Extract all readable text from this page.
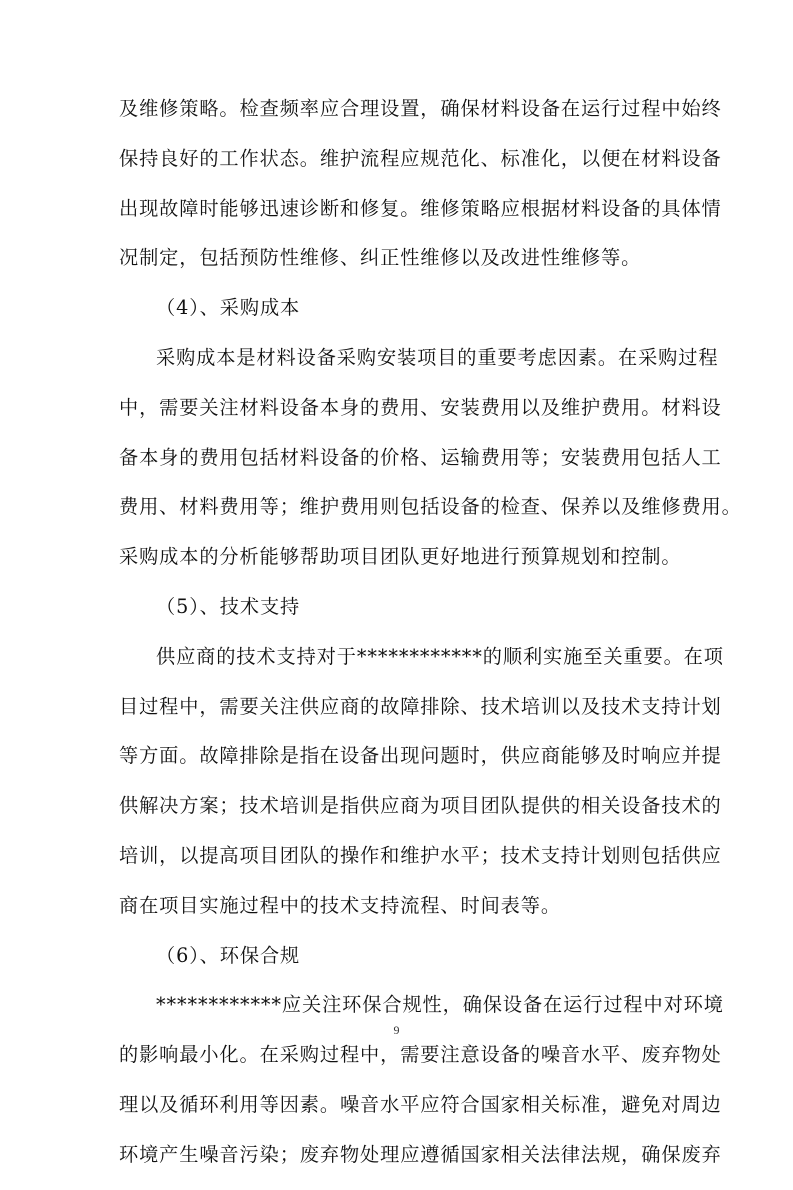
及维修策略。检查频率应合理设置，确保材料设备在运行过程中始终
保持良好的工作状态。维护流程应规范化、标准化，以便在材料设备
出现故障时能够迅速诊断和修复。维修策略应根据材料设备的具体情
况制定，包括预防性维修、纠正性维修以及改进性维修等。
（4）、采购成本
采购成本是材料设备采购安装项目的重要考虑因素。在采购过程
中，需要关注材料设备本身的费用、安装费用以及维护费用。材料设
备本身的费用包括材料设备的价格、运输费用等；安装费用包括人工
费用、材料费用等；维护费用则包括设备的检查、保养以及维修费用。
采购成本的分析能够帮助项目团队更好地进行预算规划和控制。
（5）、技术支持
供应商的技术支持对于************的顺利实施至关重要。在项
目过程中，需要关注供应商的故障排除、技术培训以及技术支持计划
等方面。故障排除是指在设备出现问题时，供应商能够及时响应并提
供解决方案；技术培训是指供应商为项目团队提供的相关设备技术的
培训，以提高项目团队的操作和维护水平；技术支持计划则包括供应
商在项目实施过程中的技术支持流程、时间表等。
（6）、环保合规
************应关注环保合规性，确保设备在运行过程中对环境
的影响最小化。在采购过程中，需要注意设备的噪音水平、废弃物处
理以及循环利用等因素。噪音水平应符合国家相关标准，避免对周边
环境产生噪音污染；废弃物处理应遵循国家相关法律法规，确保废弃
9
